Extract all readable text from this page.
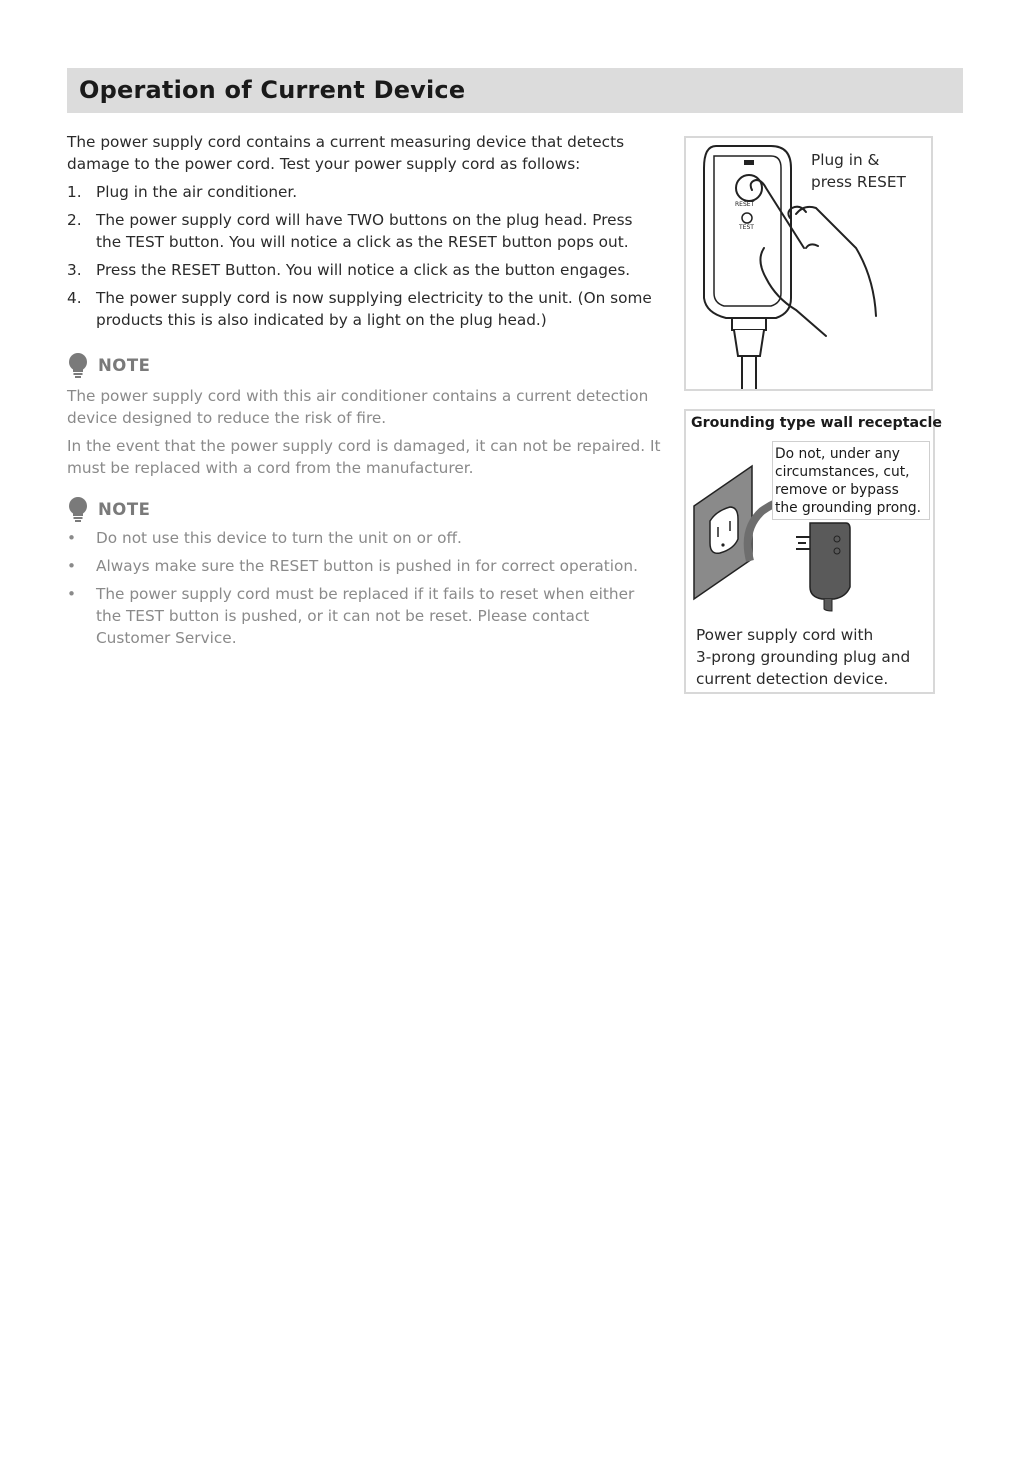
Operation of Current Device

The power supply cord contains a current measuring device that detects damage to the power cord. Test your power supply cord as follows:

1. Plug in the air conditioner.
2. The power supply cord will have TWO buttons on the plug head. Press the TEST button. You will notice a click as the RESET button pops out.
3. Press the RESET Button. You will notice a click as the button engages.
4. The power supply cord is now supplying electricity to the unit. (On some products this is also indicated by a light on the plug head.)
NOTE

The power supply cord with this air conditioner contains a current detection device designed to reduce the risk of fire.

In the event that the power supply cord is damaged, it can not be repaired. It must be replaced with a cord from the manufacturer.

NOTE
• Do not use this device to turn the unit on or off.
• Always make sure the RESET button is pushed in for correct operation.
• The power supply cord must be replaced if it fails to reset when either the TEST button is pushed, or it can not be reset. Please contact Customer Service.
RESET
TEST
Plug in &
press RESET
Grounding type wall receptacle
Do not, under any
circumstances, cut,
remove or bypass
the grounding prong.
Power supply cord with
3-prong grounding plug and
current detection device.
